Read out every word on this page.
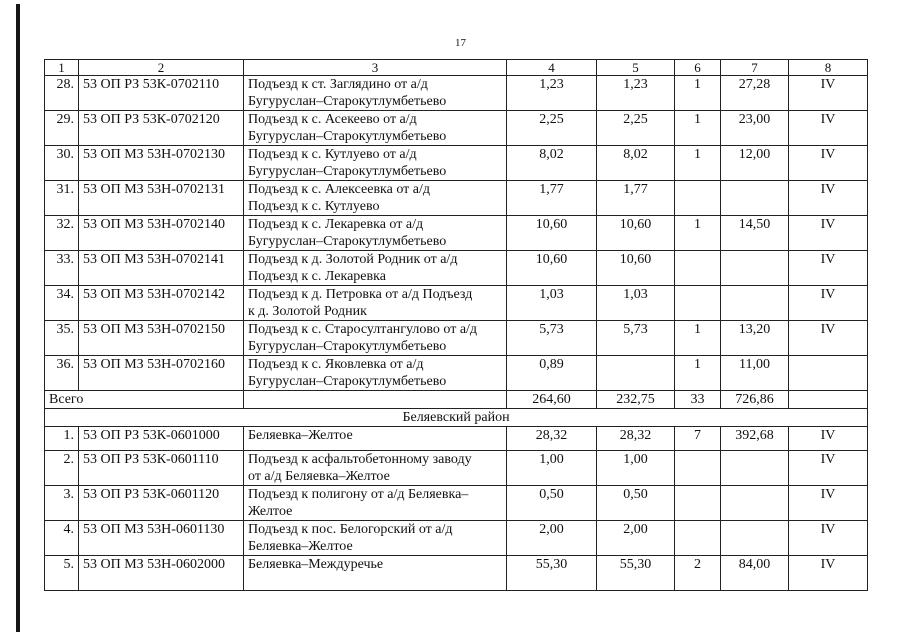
17
1	2	3	4	5	6	7	8
28.	53 ОП РЗ 53К-0702110	Подъезд к ст. Заглядино от а/д
Бугуруслан–Старокутлумбетьево	1,23	1,23	1	27,28	IV
29.	53 ОП РЗ 53К-0702120	Подъезд к с. Асекеево от а/д
Бугуруслан–Старокутлумбетьево	2,25	2,25	1	23,00	IV
30.	53 ОП МЗ 53Н-0702130	Подъезд к с. Кутлуево от а/д
Бугуруслан–Старокутлумбетьево	8,02	8,02	1	12,00	IV
31.	53 ОП МЗ 53Н-0702131	Подъезд к с. Алексеевка от а/д
Подъезд к с. Кутлуево	1,77	1,77			IV
32.	53 ОП МЗ 53Н-0702140	Подъезд к с. Лекаревка от а/д
Бугуруслан–Старокутлумбетьево	10,60	10,60	1	14,50	IV
33.	53 ОП МЗ 53Н-0702141	Подъезд к д. Золотой Родник от а/д
Подъезд к с. Лекаревка	10,60	10,60			IV
34.	53 ОП МЗ 53Н-0702142	Подъезд к д. Петровка от а/д Подъезд
к д. Золотой Родник	1,03	1,03			IV
35.	53 ОП МЗ 53Н-0702150	Подъезд к с. Старосултангулово от а/д
Бугуруслан–Старокутлумбетьево	5,73	5,73	1	13,20	IV
36.	53 ОП МЗ 53Н-0702160	Подъезд к с. Яковлевка от а/д
Бугуруслан–Старокутлумбетьево	0,89		1	11,00	
Всего			264,60	232,75	33	726,86	
Беляевский район							
1.	53 ОП РЗ 53К-0601000	Беляевка–Желтое	28,32	28,32	7	392,68	IV
2.	53 ОП РЗ 53К-0601110	Подъезд к асфальтобетонному заводу
от а/д Беляевка–Желтое	1,00	1,00			IV
3.	53 ОП РЗ 53К-0601120	Подъезд к полигону от а/д Беляевка–
Желтое	0,50	0,50			IV
4.	53 ОП МЗ 53Н-0601130	Подъезд к пос. Белогорский от а/д
Беляевка–Желтое	2,00	2,00			IV
5.	53 ОП МЗ 53Н-0602000	Беляевка–Междуречье	55,30	55,30	2	84,00	IV
